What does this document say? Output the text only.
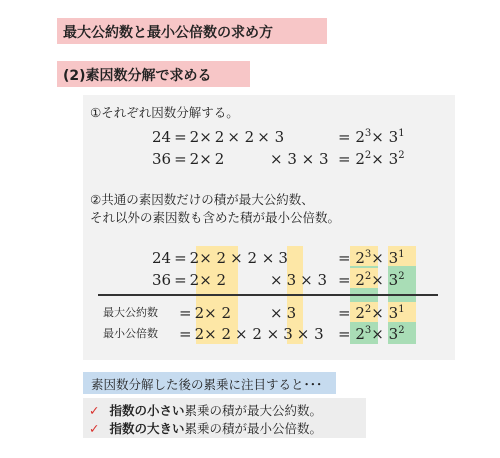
最大公約数と最小公倍数の求め方
(2)素因数分解で求める
①それぞれ因数分解する。
24 = 2× 2 × 2 × 3	= $2^3\times 3^1$
36 = 2× 2	× $3 \times 3 = 2^2\times 3^2$
②共通の素因数だけの積が最大公約数、
それ以外の素因数も含めた積が最小公倍数。
24 = 2× 2 × 2 × 3	= $2^3\times 3^1$
36 = 2× 2	× $3 \times 3 = 2^2\times 3^2$
最大公約数 = 2× 2	× 3	= $2^2\times 3^1$
最小公倍数 = $2\times 2 \times 2 \times 3 \times 3 = 2^3\times 3^2$
素因数分解した後の累乗に注目すると･･･
✓ 指数の小さい累乗の積が最大公約数。
✓ 指数の大きい累乗の積が最小公倍数。
